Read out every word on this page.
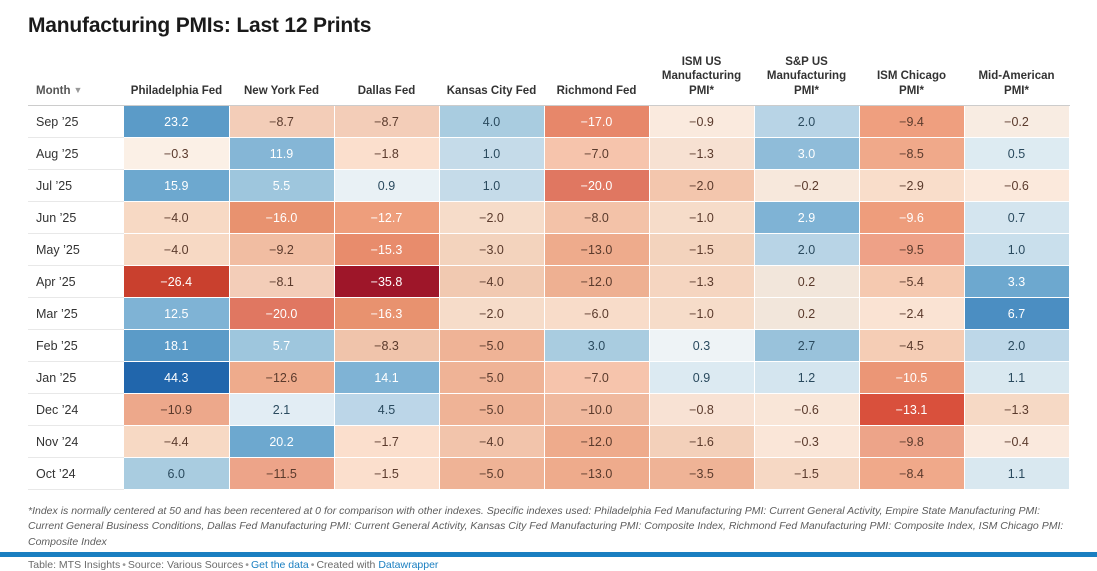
Manufacturing PMIs: Last 12 Prints
Month ▼	Philadelphia Fed	New York Fed	Dallas Fed	Kansas City Fed	Richmond Fed	ISM US Manufacturing PMI*	S&P US Manufacturing PMI*	ISM Chicago PMI*	Mid-American PMI*
Sep ’25	23.2	−8.7	−8.7	4.0	−17.0	−0.9	2.0	−9.4	−0.2
Aug ’25	−0.3	11.9	−1.8	1.0	−7.0	−1.3	3.0	−8.5	0.5
Jul ’25	15.9	5.5	0.9	1.0	−20.0	−2.0	−0.2	−2.9	−0.6
Jun ’25	−4.0	−16.0	−12.7	−2.0	−8.0	−1.0	2.9	−9.6	0.7
May ’25	−4.0	−9.2	−15.3	−3.0	−13.0	−1.5	2.0	−9.5	1.0
Apr ’25	−26.4	−8.1	−35.8	−4.0	−12.0	−1.3	0.2	−5.4	3.3
Mar ’25	12.5	−20.0	−16.3	−2.0	−6.0	−1.0	0.2	−2.4	6.7
Feb ’25	18.1	5.7	−8.3	−5.0	3.0	0.3	2.7	−4.5	2.0
Jan ’25	44.3	−12.6	14.1	−5.0	−7.0	0.9	1.2	−10.5	1.1
Dec ’24	−10.9	2.1	4.5	−5.0	−10.0	−0.8	−0.6	−13.1	−1.3
Nov ’24	−4.4	20.2	−1.7	−4.0	−12.0	−1.6	−0.3	−9.8	−0.4
Oct ’24	6.0	−11.5	−1.5	−5.0	−13.0	−3.5	−1.5	−8.4	1.1
*Index is normally centered at 50 and has been recentered at 0 for comparison with other indexes. Specific indexes used: Philadelphia Fed Manufacturing PMI: Current General Activity, Empire State Manufacturing PMI: Current General Business Conditions, Dallas Fed Manufacturing PMI: Current General Activity, Kansas City Fed Manufacturing PMI: Composite Index, Richmond Fed Manufacturing PMI: Composite Index, ISM Chicago PMI: Composite Index
Table: MTS Insights • Source: Various Sources • Get the data • Created with Datawrapper
